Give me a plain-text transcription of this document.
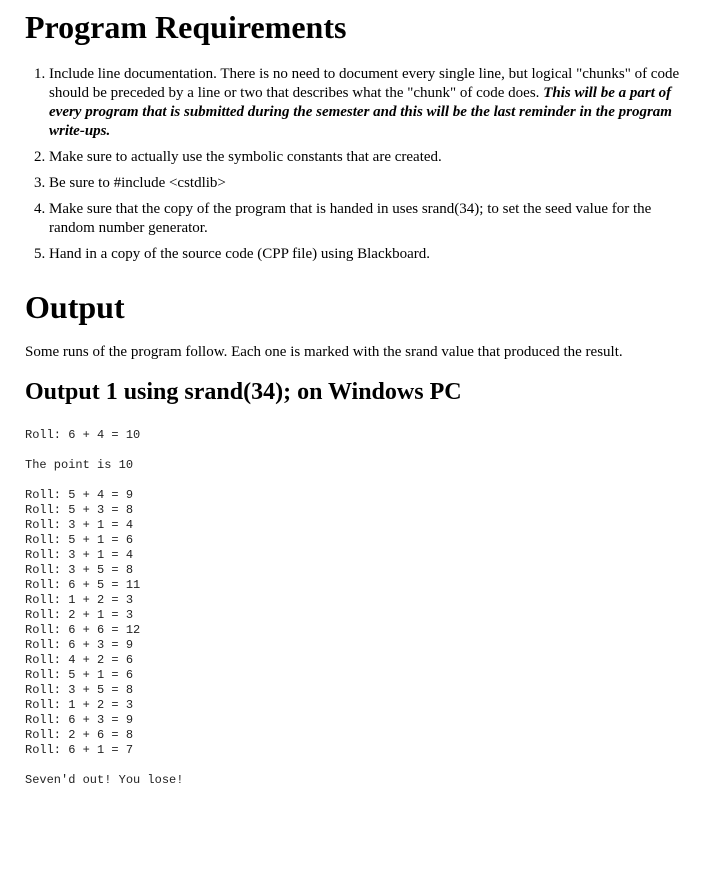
Program Requirements
1. Include line documentation. There is no need to document every single line, but logical "chunks" of code should be preceded by a line or two that describes what the "chunk" of code does. This will be a part of every program that is submitted during the semester and this will be the last reminder in the program write-ups.
2. Make sure to actually use the symbolic constants that are created.
3. Be sure to #include <cstdlib>
4. Make sure that the copy of the program that is handed in uses srand(34); to set the seed value for the random number generator.
5. Hand in a copy of the source code (CPP file) using Blackboard.
Output

Some runs of the program follow. Each one is marked with the srand value that produced the result.

Output 1 using srand(34); on Windows PC
Roll: 6 + 4 = 10
The point is 10
Roll: 5 + 4 = 9
Roll: 5 + 3 = 8
Roll: 3 + 1 = 4
Roll: 5 + 1 = 6
Roll: 3 + 1 = 4
Roll: 3 + 5 = 8
Roll: 6 + 5 = 11
Roll: 1 + 2 = 3
Roll: 2 + 1 = 3
Roll: 6 + 6 = 12
Roll: 6 + 3 = 9
Roll: 4 + 2 = 6
Roll: 5 + 1 = 6
Roll: 3 + 5 = 8
Roll: 1 + 2 = 3
Roll: 6 + 3 = 9
Roll: 2 + 6 = 8
Roll: 6 + 1 = 7
Seven'd out! You lose!
